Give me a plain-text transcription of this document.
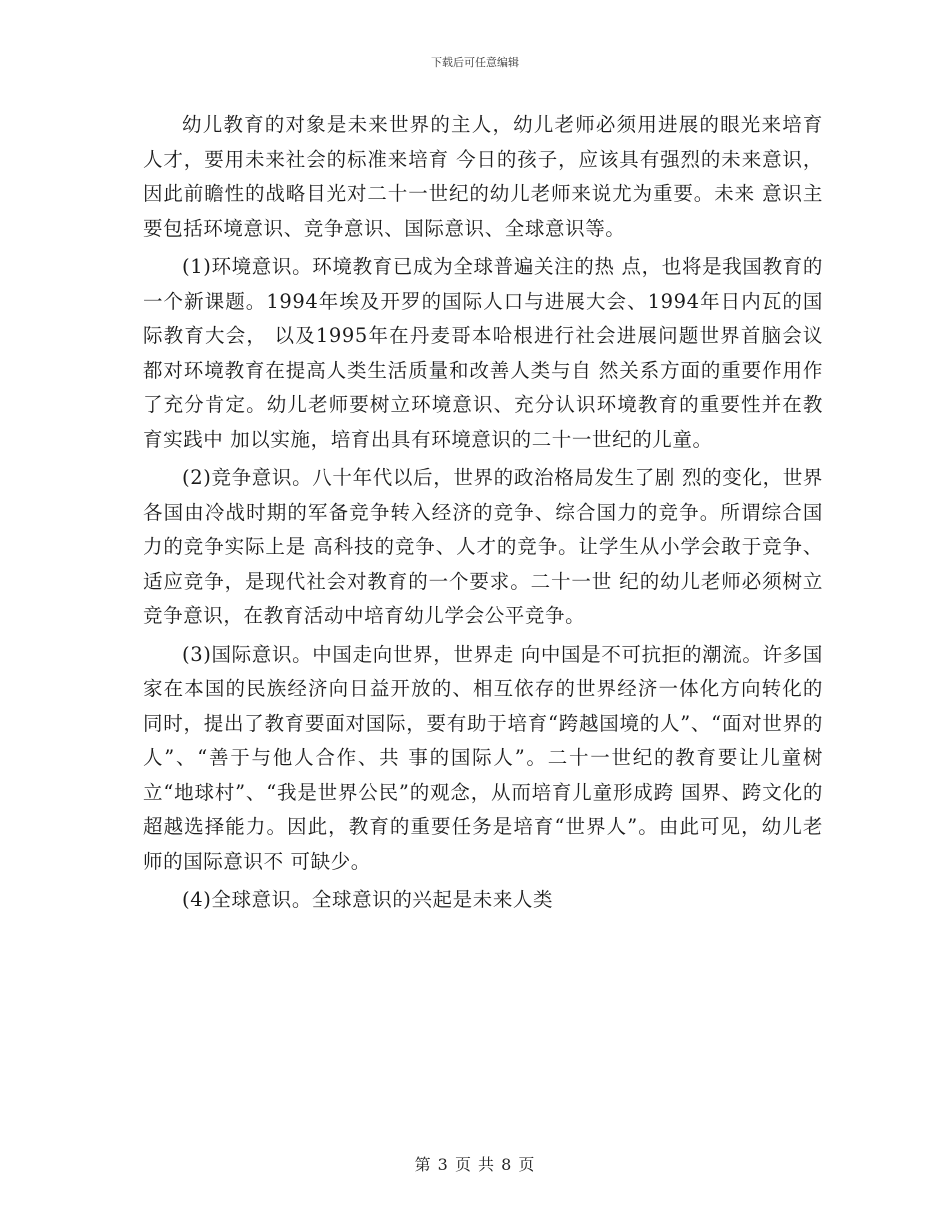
下载后可任意编辑

幼儿教育的对象是未来世界的主人，幼儿老师必须用进展的眼光来培育人才，要用未来社会的标准来培育 今日的孩子，应该具有强烈的未来意识，因此前瞻性的战略目光对二十一世纪的幼儿老师来说尤为重要。未来 意识主要包括环境意识、竞争意识、国际意识、全球意识等。

(1)环境意识。环境教育已成为全球普遍关注的热 点，也将是我国教育的一个新课题。1994年埃及开罗的国际人口与进展大会、1994年日内瓦的国际教育大会， 以及1995年在丹麦哥本哈根进行社会进展问题世界首脑会议都对环境教育在提高人类生活质量和改善人类与自 然关系方面的重要作用作了充分肯定。幼儿老师要树立环境意识、充分认识环境教育的重要性并在教育实践中 加以实施，培育出具有环境意识的二十一世纪的儿童。

(2)竞争意识。八十年代以后，世界的政治格局发生了剧 烈的变化，世界各国由冷战时期的军备竞争转入经济的竞争、综合国力的竞争。所谓综合国力的竞争实际上是 高科技的竞争、人才的竞争。让学生从小学会敢于竞争、适应竞争，是现代社会对教育的一个要求。二十一世 纪的幼儿老师必须树立竞争意识，在教育活动中培育幼儿学会公平竞争。

(3)国际意识。中国走向世界，世界走 向中国是不可抗拒的潮流。许多国家在本国的民族经济向日益开放的、相互依存的世界经济一体化方向转化的 同时，提出了教育要面对国际，要有助于培育“跨越国境的人”、“面对世界的人”、“善于与他人合作、共 事的国际人”。二十一世纪的教育要让儿童树立“地球村”、“我是世界公民”的观念，从而培育儿童形成跨 国界、跨文化的超越选择能力。因此，教育的重要任务是培育“世界人”。由此可见，幼儿老师的国际意识不 可缺少。

(4)全球意识。全球意识的兴起是未来人类

第 3 页 共 8 页
